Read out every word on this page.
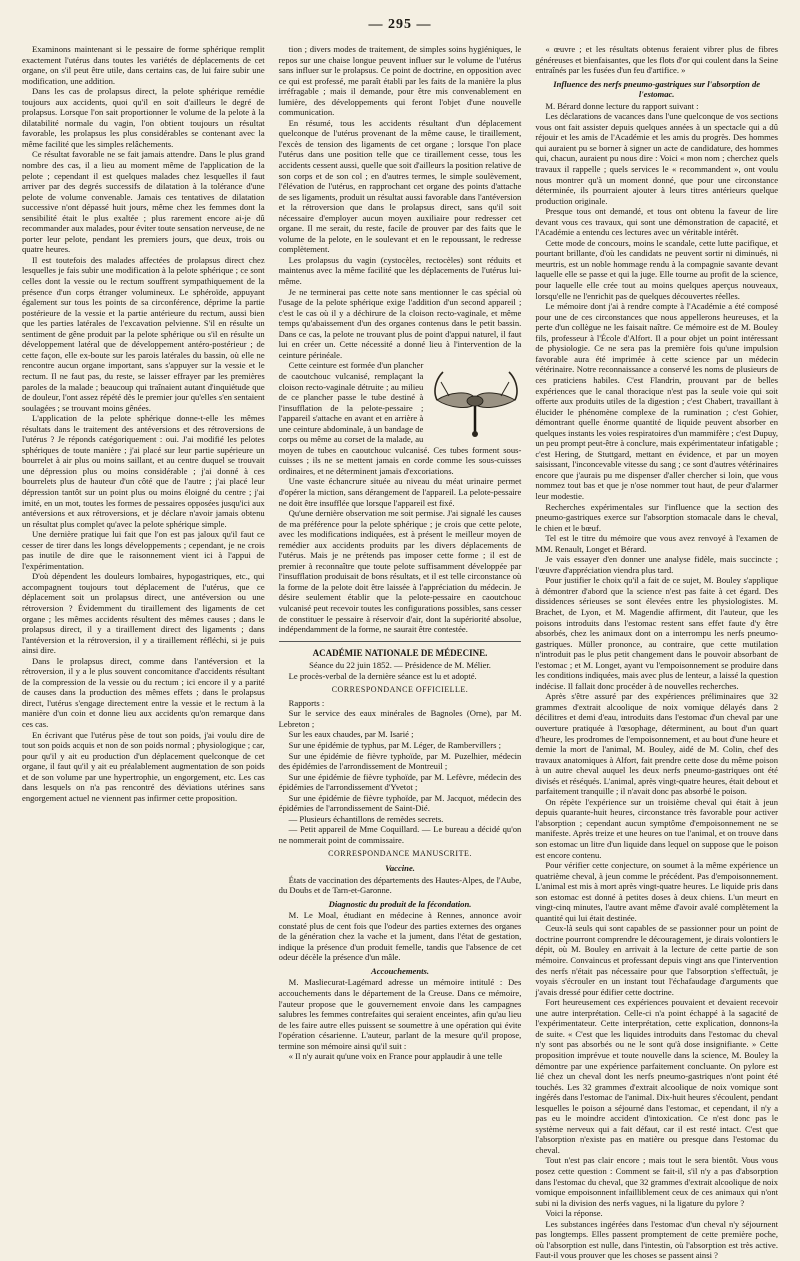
— 295 —

Examinons maintenant si le pessaire de forme sphérique remplit exactement l'utérus dans toutes les variétés de déplacements de cet organe, on s'il peut être utile, dans certains cas, de lui faire subir une modification, une addition.

Dans les cas de prolapsus direct, la pelote sphérique remédie toujours aux accidents, quoi qu'il en soit d'ailleurs le degré de prolapsus. Lorsque l'on sait proportionner le volume de la pelote à la dilatabilité normale du vagin, l'on obtient toujours un résultat favorable, les prolapsus les plus considérables se contenant avec la même facilité que les simples relâchements.

Ce résultat favorable ne se fait jamais attendre. Dans le plus grand nombre des cas, il a lieu au moment même de l'application de la pelote ; cependant il est quelques malades chez lesquelles il faut arriver par des degrés successifs de dilatation à la tolérance d'une pelote de volume convenable. Jamais ces tentatives de dilatation successive n'ont dépassé huit jours, même chez les femmes dont la sensibilité était le plus exaltée ; plus rarement encore ai-je dû recommander aux malades, pour éviter toute sensation nerveuse, de ne porter leur pelote, pendant les premiers jours, que deux, trois ou quatre heures.

Il est toutefois des malades affectées de prolapsus direct chez lesquelles je fais subir une modification à la pelote sphérique ; ce sont celles dont la vessie ou le rectum souffrent sympathiquement de la présence d'un corps étranger volumineux. Le sphéroïde, appuyant également sur tous les points de sa circonférence, déprime la partie postérieure de la vessie et la partie antérieure du rectum, aussi bien que les parties latérales de l'excavation pelvienne. S'il en résulte un sentiment de gêne produit par la pelote sphérique ou s'il en résulte un développement latéral que de développement antéro-postérieur ; de cette façon, elle ex-boute sur les parois latérales du bassin, où elle ne rencontre aucun organe important, sans s'appuyer sur la vessie et le rectum. Il ne faut pas, du reste, se laisser effrayer par les premières paroles de la malade ; beaucoup qui traînaient autant d'inquiétude que de douleur, l'ont assez répété dès le premier jour qu'elles s'en sentaient soulagées ; se trouvant moins gênées.

L'application de la pelote sphérique donne-t-elle les mêmes résultats dans le traitement des antéversions et des rétroversions de l'utérus ? Je réponds catégoriquement : oui. J'ai modifié les pelotes sphériques de toute manière ; j'ai placé sur leur partie supérieure un bourrelet à air plus ou moins saillant, et au centre duquel se trouvait une dépression plus ou moins considérable ; j'ai donné à ces bourrelets plus de hauteur d'un côté que de l'autre ; j'ai placé leur dépression tantôt sur un point plus ou moins éloigné du centre ; j'ai imité, en un mot, toutes les formes de pessaires opposées jusqu'ici aux antéversions et aux rétroversions, et je déclare n'avoir jamais obtenu un résultat plus complet qu'avec la pelote sphérique simple.

Une dernière pratique lui fait que l'on est pas jaloux qu'il faut ce cesser de tirer dans les longs développements ; cependant, je ne crois pas inutile de dire que le raisonnement vient ici à l'appui de l'expérimentation.

D'où dépendent les douleurs lombaires, hypogastriques, etc., qui accompagnent toujours tout déplacement de l'utérus, que ce déplacement soit un prolapsus direct, une antéversion ou une rétroversion ? Évidemment du tiraillement des ligaments de cet organe ; les mêmes accidents résultent des mêmes causes ; dans le prolapsus direct, il y a tiraillement direct des ligaments ; dans l'antéversion et la rétroversion, il y a tiraillement réfléchi, si je puis ainsi dire.

Dans le prolapsus direct, comme dans l'antéversion et la rétroversion, il y a le plus souvent concomitance d'accidents résultant de la compression de la vessie ou du rectum ; ici encore il y a parité de causes dans la production des mêmes effets ; dans le prolapsus direct, l'utérus s'engage directement entre la vessie et le rectum à la manière d'un coin et donne lieu aux accidents qu'on remarque dans ces cas.

En écrivant que l'utérus pèse de tout son poids, j'ai voulu dire de tout son poids acquis et non de son poids normal ; physiologique ; car, pour qu'il y ait eu production d'un déplacement quelconque de cet organe, il faut qu'il y ait eu préalablement augmentation de son poids et de son volume par une hypertrophie, un engorgement, etc. Les cas dans lesquels on n'a pas rencontré des déviations utérines sans engorgement actuel ne viennent pas infirmer cette proposition.

tion ; divers modes de traitement, de simples soins hygiéniques, le repos sur une chaise longue peuvent influer sur le volume de l'utérus sans influer sur le prolapsus. Ce point de doctrine, en opposition avec ce qui est professé, me paraît établi par les faits de la manière la plus irréfragable ; mais il demande, pour être mis convenablement en lumière, des développements qui feront l'objet d'une nouvelle communication.

En résumé, tous les accidents résultant d'un déplacement quelconque de l'utérus provenant de la même cause, le tiraillement, l'excès de tension des ligaments de cet organe ; lorsque l'on place l'utérus dans une position telle que ce tiraillement cesse, tous les accidents cessent aussi, quelle que soit d'ailleurs la position relative de son corps et de son col ; en d'autres termes, le simple soulèvement, l'élévation de l'utérus, en rapprochant cet organe des points d'attache de ses ligaments, produit un résultat aussi favorable dans l'antéversion et la rétroversion que dans le prolapsus direct, sans qu'il soit nécessaire d'employer aucun moyen auxiliaire pour redresser cet organe. Il me serait, du reste, facile de prouver par des faits que le volume de la pelote, en le soulevant et en le repoussant, le redresse complètement.

Les prolapsus du vagin (cystocèles, rectocèles) sont réduits et maintenus avec la même facilité que les déplacements de l'utérus lui-même.

Je ne terminerai pas cette note sans mentionner le cas spécial où l'usage de la pelote sphérique exige l'addition d'un second appareil ; c'est le cas où il y a déchirure de la cloison recto-vaginale, et même temps qu'abaissement d'un des organes contenus dans le petit bassin. Dans ce cas, la pelote ne trouvant plus de point d'appui naturel, il faut lui en créer un. Cette nécessité a donné lieu à l'intervention de la ceinture périnéale.

Cette ceinture est formée d'un plancher de caoutchouc vulcanisé, remplaçant la cloison recto-vaginale détruite ; au milieu de ce plancher passe le tube destiné à l'insufflation de la pelote-pessaire ; l'appareil s'attache en avant et en arrière à une ceinture abdominale, à un bandage de corps ou même au corset de la malade, au moyen de tubes en caoutchouc vulcanisé. Ces tubes forment sous-cuisses ; ils ne se mettent jamais en corde comme les sous-cuisses ordinaires, et ne déterminent jamais d'excoriations.

Une vaste échancrure située au niveau du méat urinaire permet d'opérer la miction, sans dérangement de l'appareil. La pelote-pessaire ne doit être insufflée que lorsque l'appareil est fixé.

Qu'une dernière observation me soit permise. J'ai signalé les causes de ma préférence pour la pelote sphérique ; je crois que cette pelote, avec les modifications indiquées, est à présent le meilleur moyen de remédier aux accidents produits par les divers déplacements de l'utérus. Mais je ne prétends pas imposer cette forme ; il est de premier à reconnaître que toute pelote suffisamment développée par l'insufflation produisait de bons résultats, et il est telle circonstance où la forme de la pelote doit être laissée à l'appréciation du médecin. Je désire seulement établir que la pelote-pessaire en caoutchouc vulcanisé peut recevoir toutes les configurations possibles, sans cesser de constituer le pessaire à réservoir d'air, dont la supériorité absolue, indépendamment de la forme, ne saurait être contestée.

ACADÉMIE NATIONALE DE MÉDECINE.

Séance du 22 juin 1852. — Présidence de M. Mélier.

Le procès-verbal de la dernière séance est lu et adopté.

CORRESPONDANCE OFFICIELLE.

Rapports :

Sur le service des eaux minérales de Bagnoles (Orne), par M. Lebreton ;

Sur les eaux chaudes, par M. Isarié ;

Sur une épidémie de typhus, par M. Léger, de Rambervillers ;

Sur une épidémie de fièvre typhoïde, par M. Puzelhier, médecin des épidémies de l'arrondissement de Montreuil ;

Sur une épidémie de fièvre typhoïde, par M. Lefèvre, médecin des épidémies de l'arrondissement d'Yvetot ;

Sur une épidémie de fièvre typhoïde, par M. Jacquot, médecin des épidémies de l'arrondissement de Saint-Dié.

— Plusieurs échantillons de remèdes secrets.

— Petit appareil de Mme Coquillard. — Le bureau a décidé qu'on ne nommerait point de commissaire.

CORRESPONDANCE MANUSCRITE.
Vaccine.

États de vaccination des départements des Hautes-Alpes, de l'Aube, du Doubs et de Tarn-et-Garonne.

Diagnostic du produit de la fécondation.

M. Le Moal, étudiant en médecine à Rennes, annonce avoir constaté plus de cent fois que l'odeur des parties externes des organes de la génération chez la vache et la jument, dans l'état de gestation, indique la présence d'un produit femelle, tandis que l'absence de cet odeur décèle la présence d'un mâle.

Accouchements.

M. Masliecurat-Lagémard adresse un mémoire intitulé : Des accouchements dans le département de la Creuse. Dans ce mémoire, l'auteur propose que le gouvernement envoie dans les campagnes salubres les femmes contrefaites qui seraient enceintes, afin qu'au lieu de les faire autre elles puissent se soumettre à une opération qui évite l'opération césarienne. L'auteur, parlant de la mesure qu'il propose, termine son mémoire ainsi qu'il suit :

« Il n'y aurait qu'une voix en France pour applaudir à une telle

« œuvre ; et les résultats obtenus feraient vibrer plus de fibres généreuses et bienfaisantes, que les flots d'or qui coulent dans la Seine entraînés par les fusées d'un feu d'artifice. »

Influence des nerfs pneumo-gastriques sur l'absorption de l'estomac.

M. Bérard donne lecture du rapport suivant :

Les déclarations de vacances dans l'une quelconque de vos sections vous ont fait assister depuis quelques années à un spectacle qui a dû réjouir et les amis de l'Académie et les amis du progrès. Des hommes qui auraient pu se borner à signer un acte de candidature, des hommes qui, chacun, auraient pu nous dire : Voici « mon nom ; cherchez quels travaux il rappelle ; quels services le « recommandent », ont voulu nous montrer qu'à un moment donné, que pour une circonstance déterminée, ils pourraient ajouter à leurs titres antérieurs quelque production originale.

Presque tous ont demandé, et tous ont obtenu la faveur de lire devant vous ces travaux, qui sont une démonstration de capacité, et l'Académie a entendu ces lectures avec un véritable intérêt.

Cette mode de concours, moins le scandale, cette lutte pacifique, et pourtant brillante, d'où les candidats ne peuvent sortir ni diminués, ni meurtris, est un noble hommage rendu à la compagnie savante devant laquelle elle se passe et qui la juge. Elle tourne au profit de la science, pour laquelle elle crée tout au moins quelques aperçus nouveaux, lorsqu'elle ne l'enrichit pas de quelques découvertes réelles.

Le mémoire dont j'ai à rendre compte à l'Académie a été composé pour une de ces circonstances que nous appellerons heureuses, et la perte d'un collègue ne les faisait naître. Ce mémoire est de M. Bouley fils, professeur à l'École d'Alfort. Il a pour objet un point intéressant de physiologie. Ce ne sera pas la première fois qu'une impulsion favorable aura été imprimée à cette science par un médecin vétérinaire. Notre reconnaissance a conservé les noms de plusieurs de ces praticiens habiles. C'est Flandrin, prouvant par de belles expériences que le canal thoracique n'est pas la seule voie qui soit offerte aux produits utiles de la digestion ; c'est Chabert, travaillant à élucider le phénomène complexe de la rumination ; c'est Gohier, démontrant quelle énorme quantité de liquide peuvent absorber en quelques instants les voies respiratoires d'un mammifère ; c'est Dupuy, un peu prompt peut-être à conclure, mais expérimentateur infatigable ; c'est Hering, de Stuttgard, mettant en évidence, et par un moyen saisissant, l'inconcevable vitesse du sang ; ce sont d'autres vétérinaires encore que j'aurais pu me dispenser d'aller chercher si loin, que vous nommez tout bas et que je n'ose nommer tout haut, de peur d'alarmer leur modestie.

Recherches expérimentales sur l'influence que la section des pneumo-gastriques exerce sur l'absorption stomacale dans le cheval, le chien et le bœuf.

Tel est le titre du mémoire que vous avez renvoyé à l'examen de MM. Renault, Longet et Bérard.

Je vais essayer d'en donner une analyse fidèle, mais succincte ; l'œuvre d'appréciation viendra plus tard.

Pour justifier le choix qu'il a fait de ce sujet, M. Bouley s'applique à démontrer d'abord que la science n'est pas faite à cet égard. Des dissidences sérieuses se sont élevées entre les physiologistes. M. Brachet, de Lyon, et M. Magendie affirment, dit l'auteur, que les poisons introduits dans l'estomac restent sans effet faute d'y être absorbés, chez les animaux dont on a interrompu les nerfs pneumo-gastriques. Müller prononce, au contraire, que cette mutilation n'introduit pas le plus petit changement dans le pouvoir absorbant de l'estomac ; et M. Longet, ayant vu l'empoisonnement se produire dans les conditions indiquées, mais avec plus de lenteur, a laissé la question indécise. Il fallait donc procéder à de nouvelles recherches.

Après s'être assuré par des expériences préliminaires que 32 grammes d'extrait alcoolique de noix vomique délayés dans 2 décilitres et demi d'eau, introduits dans l'estomac d'un cheval par une ouverture pratiquée à l'œsophage, déterminent, au bout d'un quart d'heure, les prodromes de l'empoisonnement, et au bout d'une heure et demie la mort de l'animal, M. Bouley, aidé de M. Colin, chef des travaux anatomiques à Alfort, fait prendre cette dose du même poison à un autre cheval auquel les deux nerfs pneumo-gastriques ont été divisés et réséqués. L'animal, après vingt-quatre heures, était debout et parfaitement tranquille ; il n'avait donc pas absorbé le poison.

On répète l'expérience sur un troisième cheval qui était à jeun depuis quarante-huit heures, circonstance très favorable pour activer l'absorption ; cependant aucun symptôme d'empoisonnement ne se manifeste. Après treize et une heures on tue l'animal, et on trouve dans son estomac un litre d'un liquide dans lequel on suppose que le poison est encore contenu.

Pour vérifier cette conjecture, on soumet à la même expérience un quatrième cheval, à jeun comme le précédent. Pas d'empoisonnement. L'animal est mis à mort après vingt-quatre heures. Le liquide pris dans son estomac est donné à petites doses à deux chiens. L'un meurt en vingt-cinq minutes, l'autre avant même d'avoir avalé complètement la quantité qui lui était destinée.

Ceux-là seuls qui sont capables de se passionner pour un point de doctrine pourront comprendre le découragement, je dirais volontiers le dépit, où M. Bouley en arrivait à la lecture de cette partie de son mémoire. Convaincus et professant depuis vingt ans que l'intervention des nerfs n'était pas nécessaire pour que l'absorption s'effectuât, je voyais s'écrouler en un instant tout l'échafaudage d'arguments que j'avais dressé pour édifier cette doctrine.

Fort heureusement ces expériences pouvaient et devaient recevoir une autre interprétation. Celle-ci n'a point échappé à la sagacité de l'expérimentateur. Cette interprétation, cette explication, donnons-la de suite. « C'est que les liquides introduits dans l'estomac du cheval n'y sont pas absorbés ou ne le sont qu'à dose insignifiante. » Cette proposition imprévue et toute nouvelle dans la science, M. Bouley la démontre par une expérience parfaitement concluante. On pylore est lié chez un cheval dont les nerfs pneumo-gastriques n'ont point été touchés. Les 32 grammes d'extrait alcoolique de noix vomique sont ingérés dans l'estomac de l'animal. Dix-huit heures s'écoulent, pendant lesquelles le poison a séjourné dans l'estomac, et cependant, il n'y a pas eu le moindre accident d'intoxication. Ce n'est donc pas le système nerveux qui a fait défaut, car il est resté intact. C'est que l'absorption n'existe pas en matière ou presque dans l'estomac du cheval.

Tout n'est pas clair encore ; mais tout le sera bientôt. Vous vous posez cette question : Comment se fait-il, s'il n'y a pas d'absorption dans l'estomac du cheval, que 32 grammes d'extrait alcoolique de noix vomique empoisonnent infailliblement ceux de ces animaux qui n'ont subi ni la division des nerfs vagues, ni la ligature du pylore ?

Voici la réponse.

Les substances ingérées dans l'estomac d'un cheval n'y séjournent pas longtemps. Elles passent promptement de cette première poche, où l'absorption est nulle, dans l'intestin, où l'absorption est très active. Faut-il vous prouver que les choses se passent ainsi ?
